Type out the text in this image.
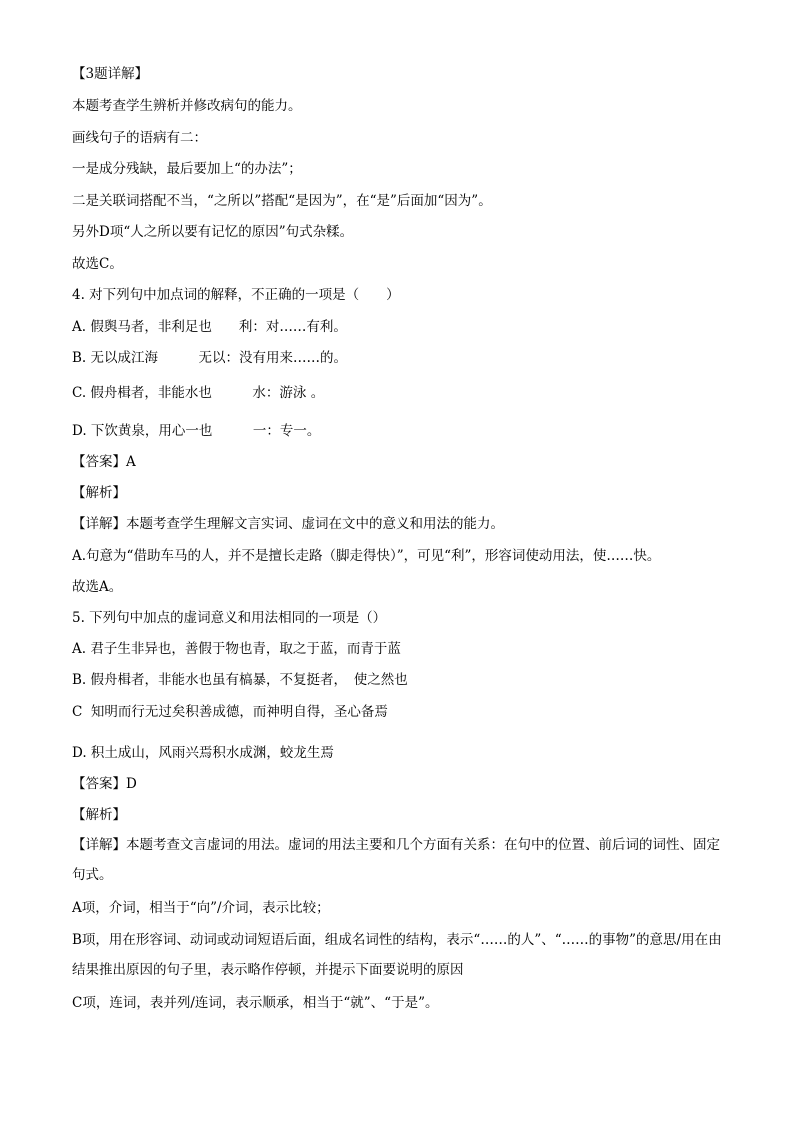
【3题详解】
本题考查学生辨析并修改病句的能力。
画线句子的语病有二：
一是成分残缺，最后要加上“的办法”；
二是关联词搭配不当，“之所以”搭配“是因为”，在“是”后面加“因为”。
另外D项“人之所以要有记忆的原因”句式杂糅。
故选C。
4. 对下列句中加点词的解释，不正确的一项是（　　）
A. 假舆马者，非利足也　　利：对……有利。
B. 无以成江海　　　无以：没有用来……的。
C. 假舟楫者，非能水也　　　水：游泳 。
D. 下饮黄泉，用心一也　　　一：专一。
【答案】A
【解析】
【详解】本题考查学生理解文言实词、虚词在文中的意义和用法的能力。
A.句意为“借助车马的人，并不是擅长走路（脚走得快）”，可见“利”，形容词使动用法，使……快。
故选A。
5. 下列句中加点的虚词意义和用法相同的一项是（）
A. 君子生非异也，善假于物也青，取之于蓝，而青于蓝
B. 假舟楫者，非能水也虽有槁暴，不复挺者，　使之然也
C  知明而行无过矣积善成德，而神明自得，圣心备焉
D. 积土成山，风雨兴焉积水成渊，蛟龙生焉
【答案】D
【解析】
【详解】本题考查文言虚词的用法。虚词的用法主要和几个方面有关系：在句中的位置、前后词的词性、固定句式。
A项，介词，相当于“向”/介词，表示比较；
B项，用在形容词、动词或动词短语后面，组成名词性的结构，表示“……的人”、“……的事物”的意思/用在由结果推出原因的句子里，表示略作停顿，并提示下面要说明的原因
C项，连词，表并列/连词，表示顺承，相当于“就”、“于是”。
